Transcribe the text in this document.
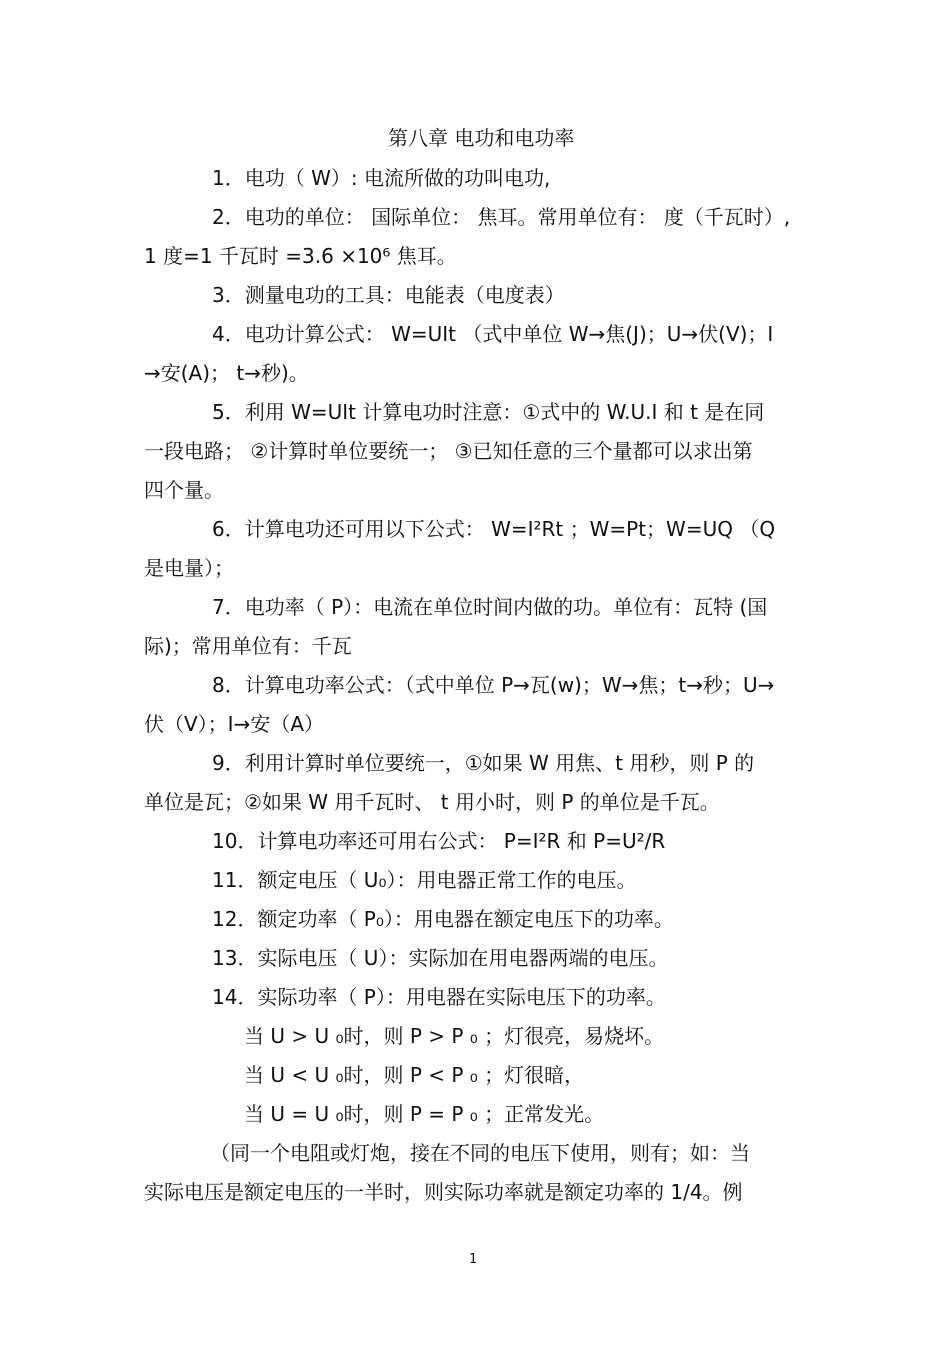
第八章 电功和电功率
1．电功（ W）: 电流所做的功叫电功,
2．电功的单位： 国际单位： 焦耳。常用单位有： 度（千瓦时）,
1 度=1 千瓦时 =3.6 ×10⁶ 焦耳。
3．测量电功的工具：电能表（电度表）
4．电功计算公式： W=UIt （式中单位 W→焦(J)；U→伏(V)；I
→安(A)； t→秒)。
5．利用 W=UIt 计算电功时注意：①式中的 W.U.I 和 t 是在同
一段电路； ②计算时单位要统一； ③已知任意的三个量都可以求出第
四个量。
6．计算电功还可用以下公式： W=I²Rt ；W=Pt；W=UQ （Q
是电量）；
7．电功率（ P）：电流在单位时间内做的功。单位有：瓦特 (国
际)；常用单位有：千瓦
8．计算电功率公式：（式中单位 P→瓦(w)；W→焦；t→秒；U→
伏（V）；I→安（A）
9．利用计算时单位要统一，①如果 W 用焦、t 用秒，则 P 的
单位是瓦；②如果 W 用千瓦时、 t 用小时，则 P 的单位是千瓦。
10．计算电功率还可用右公式： P=I²R 和 P=U²/R
11．额定电压（ U₀）：用电器正常工作的电压。
12．额定功率（ P₀）：用电器在额定电压下的功率。
13．实际电压（ U）：实际加在用电器两端的电压。
14．实际功率（ P）：用电器在实际电压下的功率。
当 U > U ₀时，则 P > P ₀ ；灯很亮，易烧坏。
当 U < U ₀时，则 P < P ₀ ；灯很暗，
当 U = U ₀时，则 P = P ₀ ；正常发光。
（同一个电阻或灯炮，接在不同的电压下使用，则有；如：当
实际电压是额定电压的一半时，则实际功率就是额定功率的 1/4。例
1
